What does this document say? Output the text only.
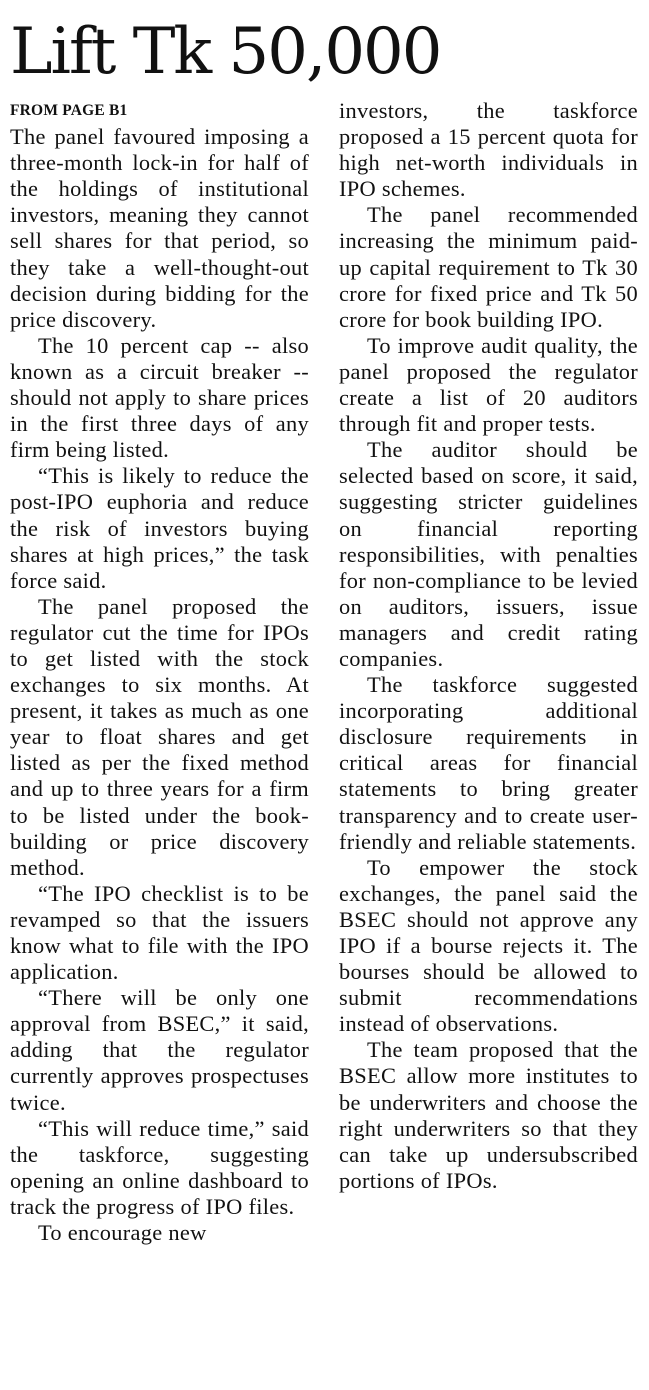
Lift Tk 50,000
FROM PAGE B1

The panel favoured imposing a three-month lock-in for half of the holdings of institutional investors, meaning they cannot sell shares for that period, so they take a well-thought-out decision during bidding for the price discovery.

The 10 percent cap -- also known as a circuit breaker -- should not apply to share prices in the first three days of any firm being listed.

“This is likely to reduce the post-IPO euphoria and reduce the risk of investors buying shares at high prices,” the task force said.

The panel proposed the regulator cut the time for IPOs to get listed with the stock exchanges to six months. At present, it takes as much as one year to float shares and get listed as per the fixed method and up to three years for a firm to be listed under the book-building or price discovery method.

“The IPO checklist is to be revamped so that the issuers know what to file with the IPO application.

“There will be only one approval from BSEC,” it said, adding that the regulator currently approves prospectuses twice.

“This will reduce time,” said the taskforce, suggesting opening an online dashboard to track the progress of IPO files.

To encourage new

investors, the taskforce proposed a 15 percent quota for high net-worth individuals in IPO schemes.

The panel recommended increasing the minimum paid-up capital requirement to Tk 30 crore for fixed price and Tk 50 crore for book building IPO.

To improve audit quality, the panel proposed the regulator create a list of 20 auditors through fit and proper tests.

The auditor should be selected based on score, it said, suggesting stricter guidelines on financial reporting responsibilities, with penalties for non-compliance to be levied on auditors, issuers, issue managers and credit rating companies.

The taskforce suggested incorporating additional disclosure requirements in critical areas for financial statements to bring greater transparency and to create user-friendly and reliable statements.

To empower the stock exchanges, the panel said the BSEC should not approve any IPO if a bourse rejects it. The bourses should be allowed to submit recommendations instead of observations.

The team proposed that the BSEC allow more institutes to be underwriters and choose the right underwriters so that they can take up undersubscribed portions of IPOs.
